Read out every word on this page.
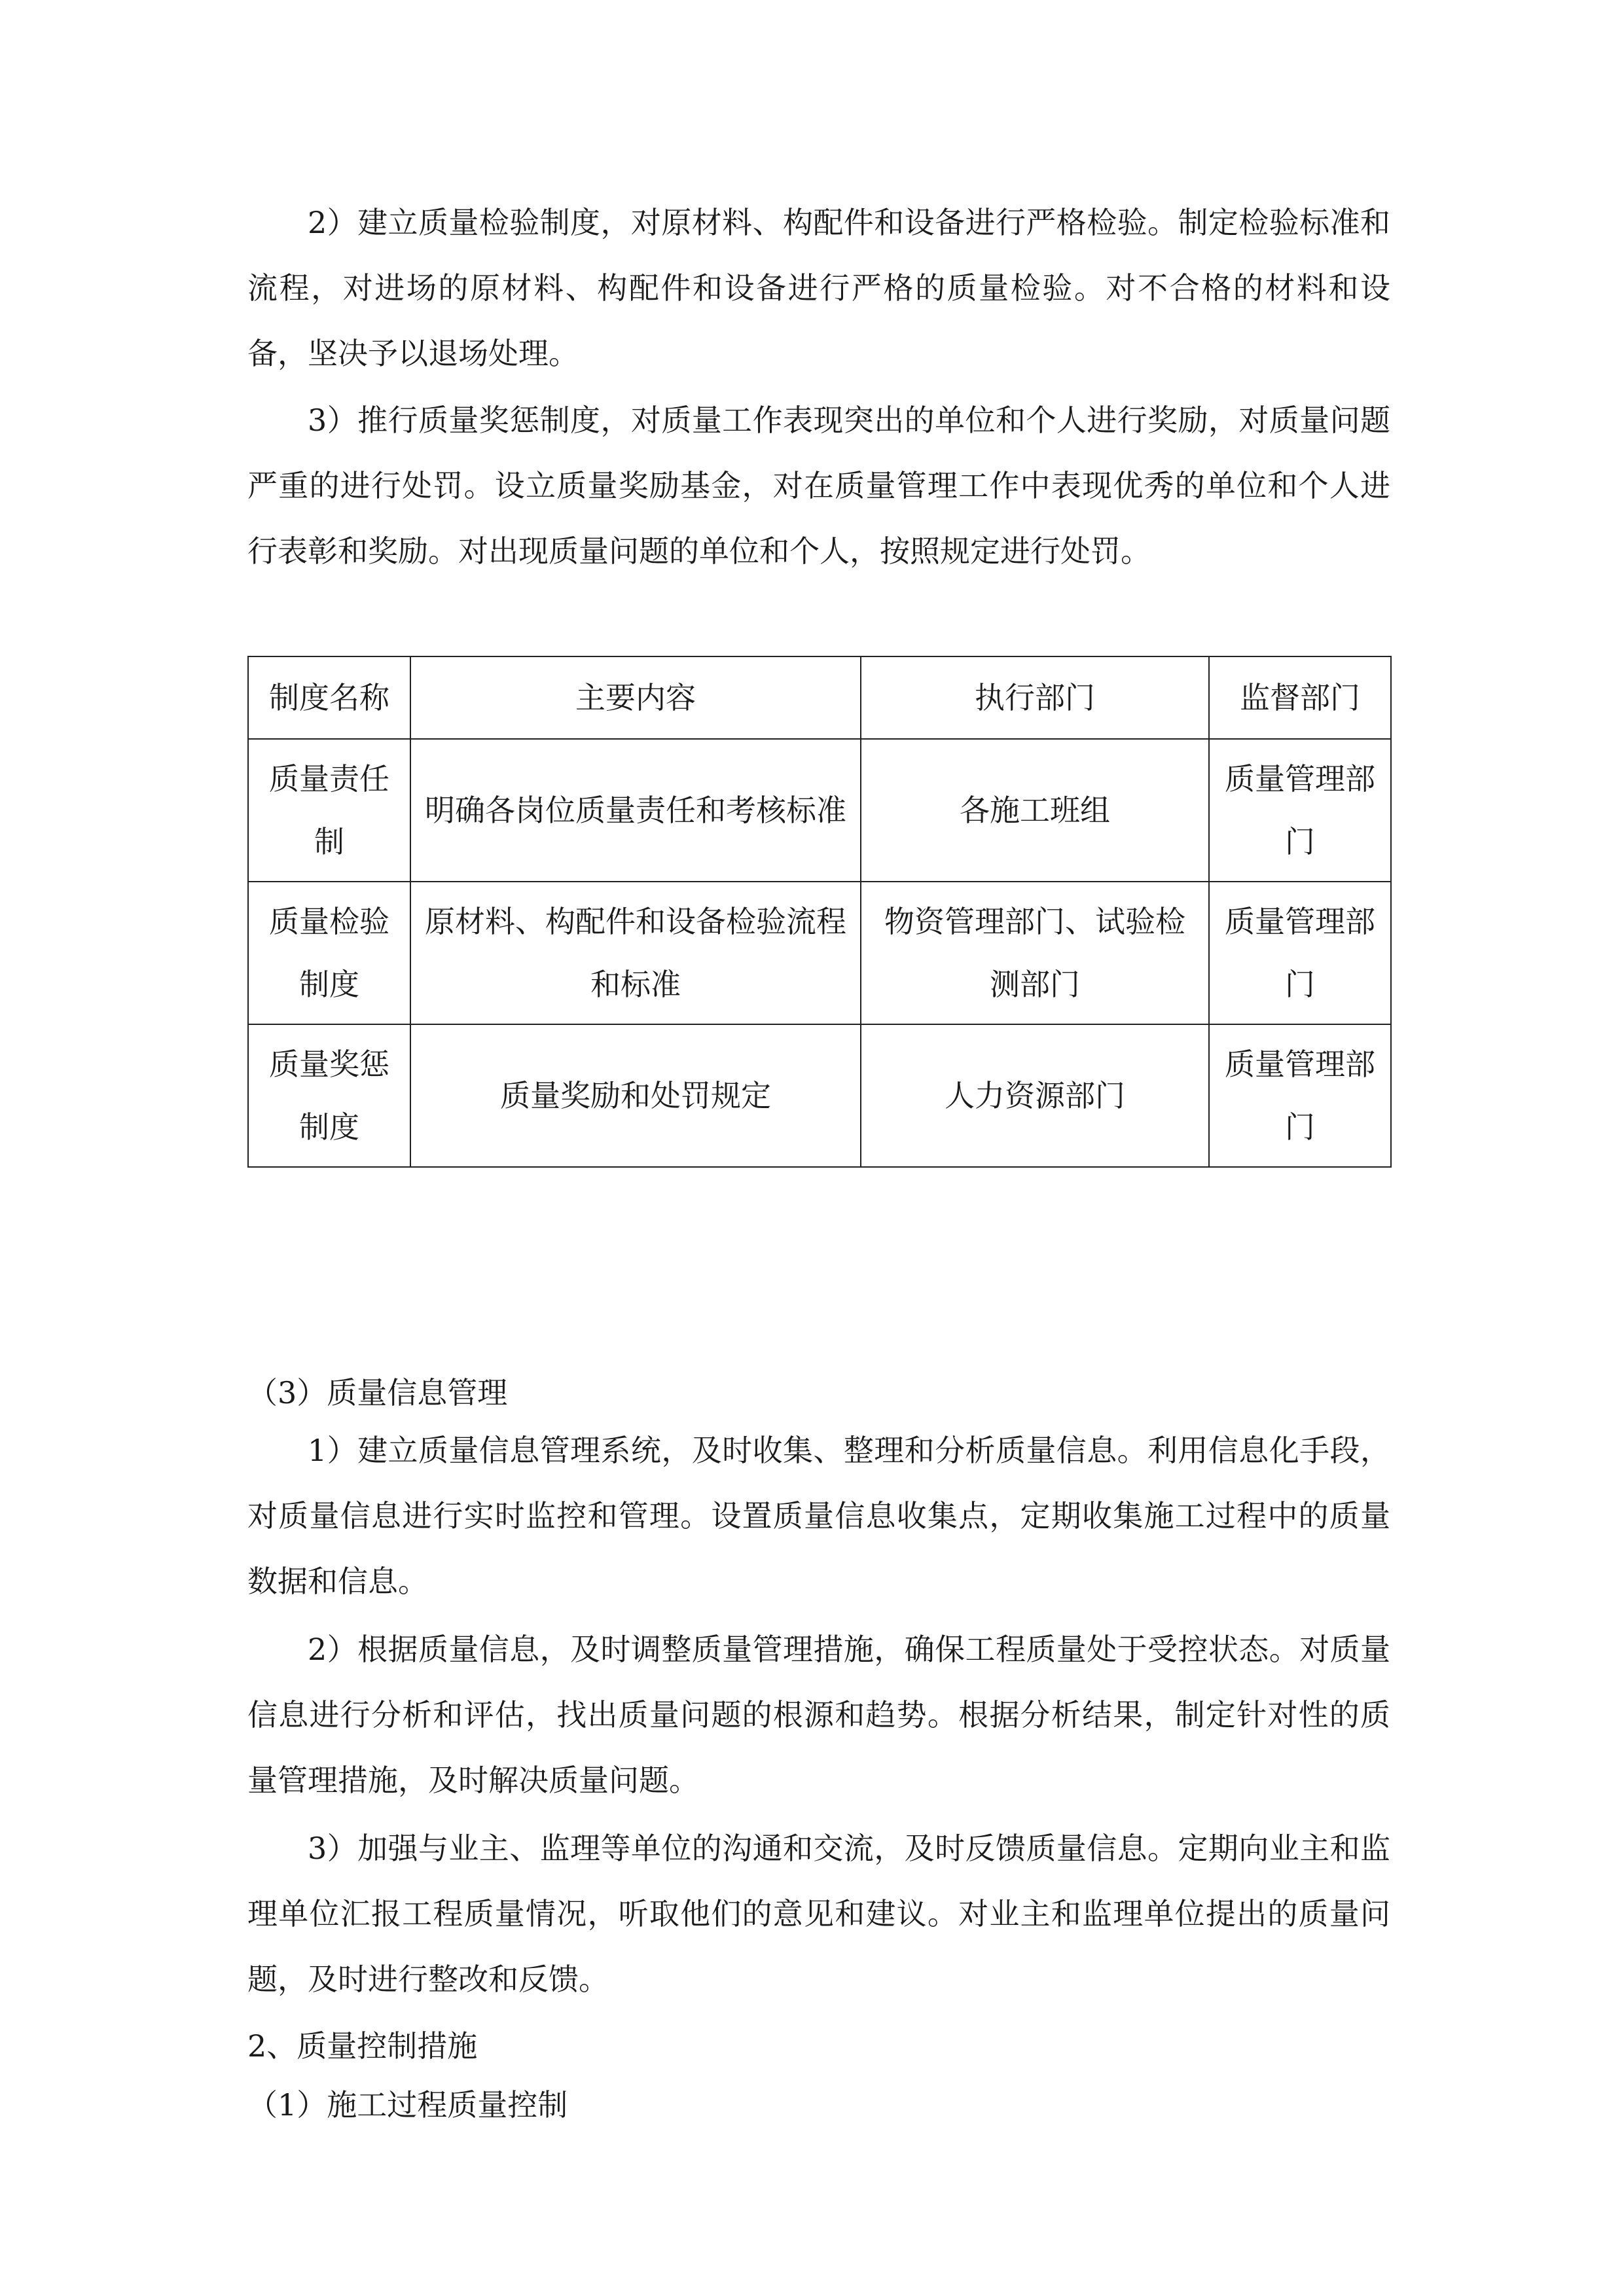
2）建立质量检验制度，对原材料、构配件和设备进行严格检验。制定检验标准和流程，对进场的原材料、构配件和设备进行严格的质量检验。对不合格的材料和设备，坚决予以退场处理。

3）推行质量奖惩制度，对质量工作表现突出的单位和个人进行奖励，对质量问题严重的进行处罚。设立质量奖励基金，对在质量管理工作中表现优秀的单位和个人进行表彰和奖励。对出现质量问题的单位和个人，按照规定进行处罚。

制度名称	主要内容	执行部门	监督部门
质量责任制	明确各岗位质量责任和考核标准	各施工班组	质量管理部门
质量检验制度	原材料、构配件和设备检验流程和标准	物资管理部门、试验检测部门	质量管理部门
质量奖惩制度	质量奖励和处罚规定	人力资源部门	质量管理部门

（3）质量信息管理

1）建立质量信息管理系统，及时收集、整理和分析质量信息。利用信息化手段，对质量信息进行实时监控和管理。设置质量信息收集点，定期收集施工过程中的质量数据和信息。

2）根据质量信息，及时调整质量管理措施，确保工程质量处于受控状态。对质量信息进行分析和评估，找出质量问题的根源和趋势。根据分析结果，制定针对性的质量管理措施，及时解决质量问题。

3）加强与业主、监理等单位的沟通和交流，及时反馈质量信息。定期向业主和监理单位汇报工程质量情况，听取他们的意见和建议。对业主和监理单位提出的质量问题，及时进行整改和反馈。

2、质量控制措施

（1）施工过程质量控制
